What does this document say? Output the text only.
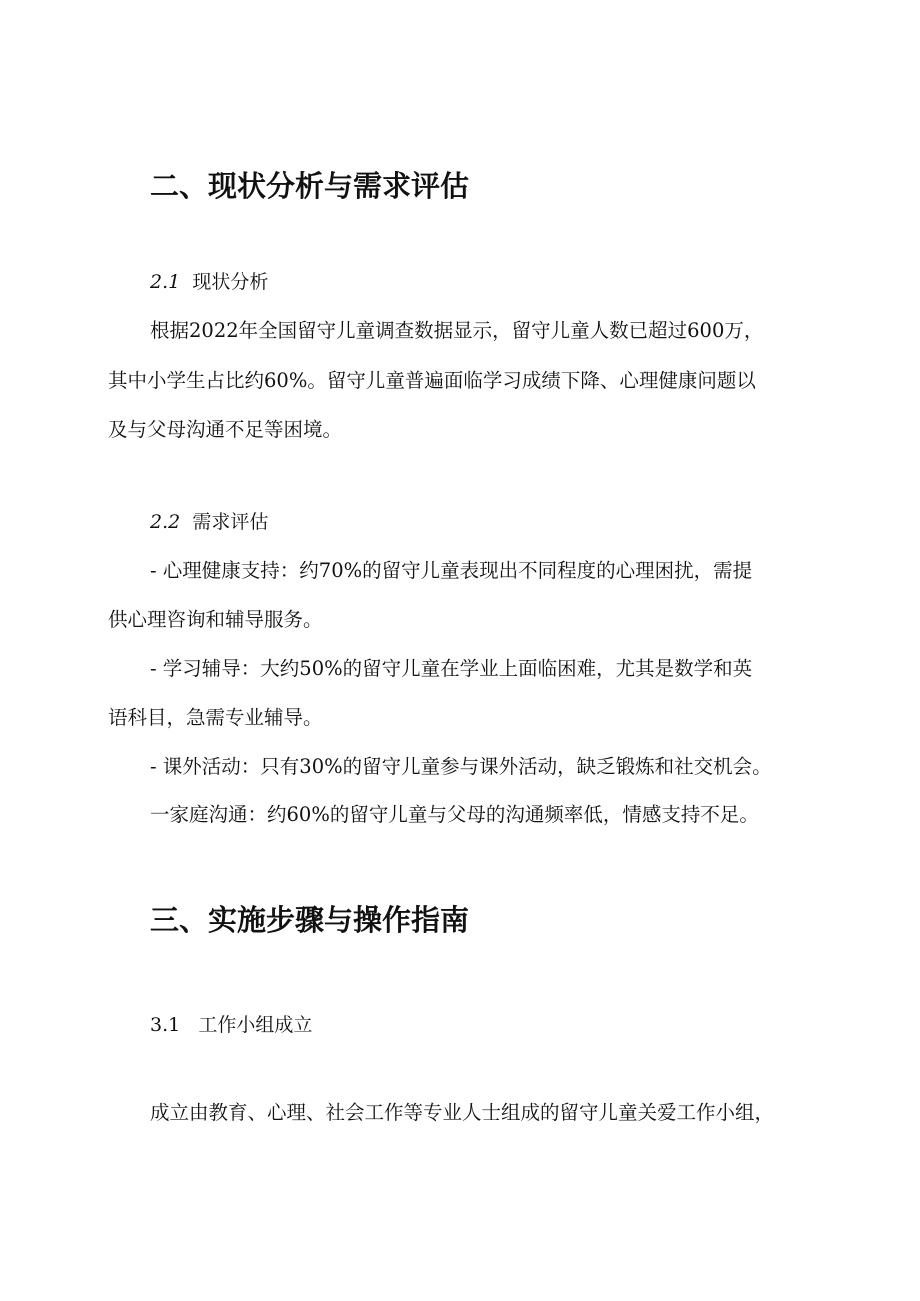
二、现状分析与需求评估
2.1 现状分析
根据2022年全国留守儿童调查数据显示，留守儿童人数已超过600万，
其中小学生占比约60%。留守儿童普遍面临学习成绩下降、心理健康问题以
及与父母沟通不足等困境。
2.2 需求评估
- 心理健康支持：约70%的留守儿童表现出不同程度的心理困扰，需提
供心理咨询和辅导服务。
- 学习辅导：大约50%的留守儿童在学业上面临困难，尤其是数学和英
语科目，急需专业辅导。
- 课外活动：只有30%的留守儿童参与课外活动，缺乏锻炼和社交机会。
一家庭沟通：约60%的留守儿童与父母的沟通频率低，情感支持不足。
三、实施步骤与操作指南
3.1 工作小组成立
成立由教育、心理、社会工作等专业人士组成的留守儿童关爱工作小组，
